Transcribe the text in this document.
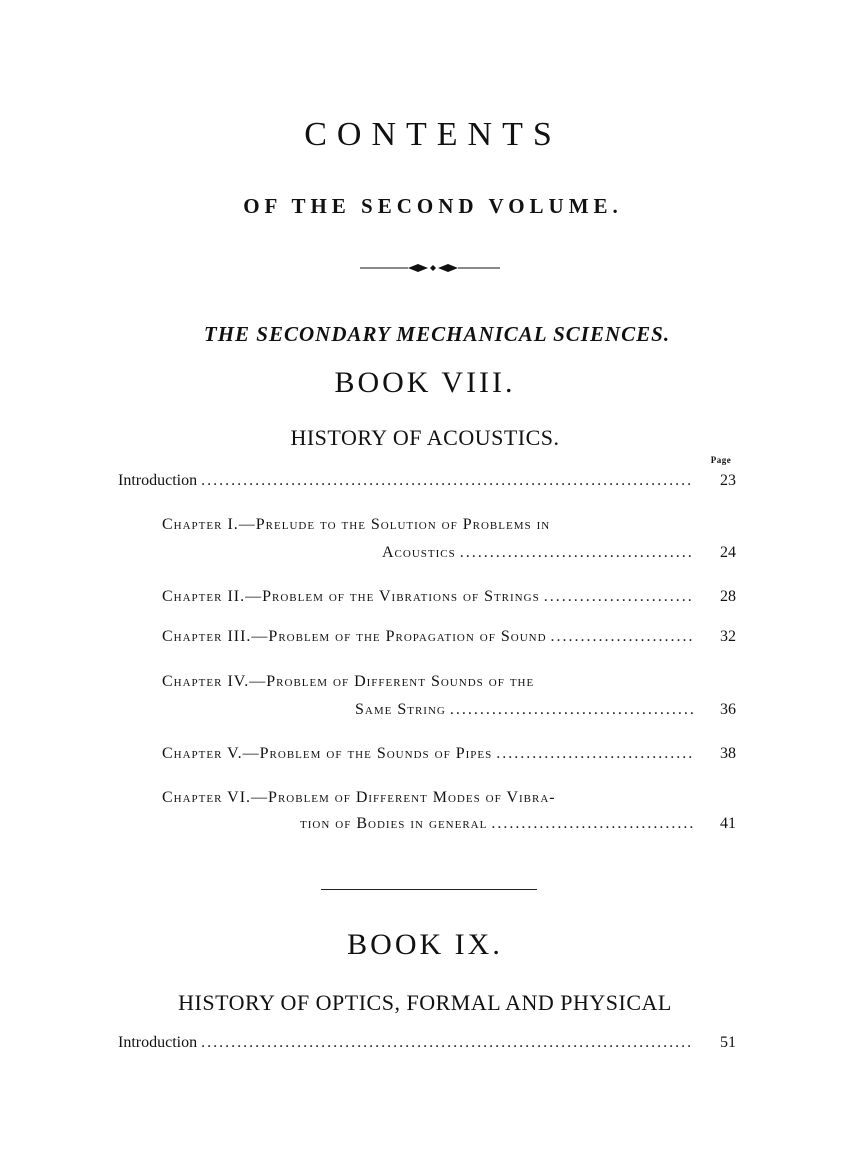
CONTENTS
OF THE SECOND VOLUME.
THE SECONDARY MECHANICAL SCIENCES.
BOOK VIII.
HISTORY OF ACOUSTICS.
Page
Introduction .....	23
Chapter I.—Prelude to the Solution of Problems in
Acoustics .....	24
Chapter II.—Problem of the Vibrations of Strings .....	28
Chapter III.—Problem of the Propagation of Sound .....	32
Chapter IV.—Problem of Different Sounds of the
Same String .....	36
Chapter V.—Problem of the Sounds of Pipes .....	38
Chapter VI.—Problem of Different Modes of Vibra-
tion of Bodies in general .....	41
BOOK IX.
HISTORY OF OPTICS, FORMAL AND PHYSICAL
Introduction .....	51
